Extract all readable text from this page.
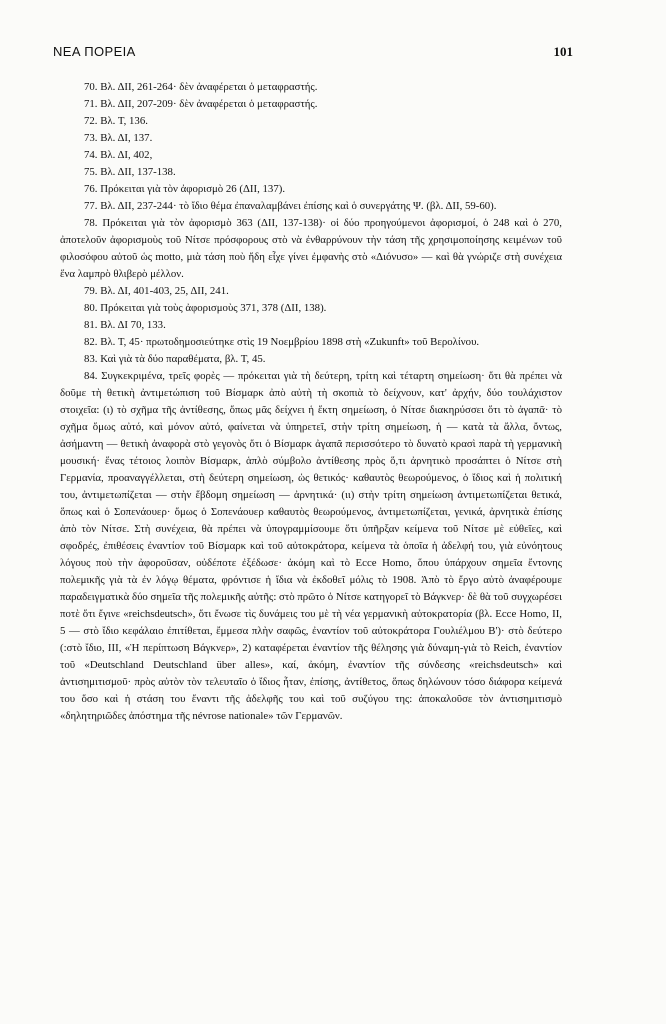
ΝΕΑ ΠΟΡΕΙΑ	101

70. Βλ. ΔΙΙ, 261-264· δὲν ἀναφέρεται ὁ μεταφραστής.

71. Βλ. ΔΙΙ, 207-209· δὲν ἀναφέρεται ὁ μεταφραστής.

72. Βλ. Τ, 136.

73. Βλ. ΔΙ, 137.

74. Βλ. ΔΙ, 402,

75. Βλ. ΔΙΙ, 137-138.

76. Πρόκειται γιὰ τὸν ἀφορισμὸ 26 (ΔΙΙ, 137).

77. Βλ. ΔΙΙ, 237-244· τὸ ἴδιο θέμα ἐπαναλαμβάνει ἐπίσης καὶ ὁ συνεργάτης Ψ. (βλ. ΔΙΙ, 59-60).

78. Πρόκειται γιὰ τὸν ἀφορισμὸ 363 (ΔΙΙ, 137-138)· οἱ δύο προηγούμενοι ἀφορισμοί, ὁ 248 καὶ ὁ 270, ἀποτελοῦν ἀφορισμοὺς τοῦ Νίτσε πρόσφορους στὸ νὰ ἐνθαρρύνουν τὴν τάση τῆς χρησιμοποίησης κειμένων τοῦ φιλοσόφου αὐτοῦ ὡς motto, μιὰ τάση ποὺ ἤδη εἶχε γίνει ἐμφανὴς στὸ «Διόνυσο» — καὶ θὰ γνώριζε στὴ συνέχεια ἕνα λαμπρὸ θλιβερὸ μέλλον.

79. Βλ. ΔΙ, 401-403, 25, ΔΙΙ, 241.

80. Πρόκειται γιὰ τοὺς ἀφορισμοὺς 371, 378 (ΔΙΙ, 138).

81. Βλ. ΔΙ 70, 133.

82. Βλ. Τ, 45· πρωτοδημοσιεύτηκε στὶς 19 Νοεμβρίου 1898 στὴ «Zukunft» τοῦ Βερολίνου.

83. Καὶ γιὰ τὰ δύο παραθέματα, βλ. Τ, 45.

84. Συγκεκριμένα, τρεῖς φορὲς — πρόκειται γιὰ τὴ δεύτερη, τρίτη καὶ τέταρτη σημείωση· ὅτι θὰ πρέπει νὰ δοῦμε τὴ θετικὴ ἀντιμετώπιση τοῦ Βίσμαρκ ἀπὸ αὐτὴ τὴ σκοπιὰ τὸ δείχνουν, κατ' ἀρχήν, δύο τουλάχιστον στοιχεῖα: (ι) τὸ σχῆμα τῆς ἀντίθεσης, ὅπως μᾶς δείχνει ἡ ἕκτη σημείωση, ὁ Νίτσε διακηρύσσει ὅτι τὸ ἀγαπᾶ· τὸ σχῆμα ὅμως αὐτό, καὶ μόνον αὐτό, φαίνεται νὰ ὑπηρετεῖ, στὴν τρίτη σημείωση, ἡ — κατὰ τὰ ἄλλα, ὄντως, ἀσήμαντη — θετικὴ ἀναφορὰ στὸ γεγονὸς ὅτι ὁ Βίσμαρκ ἀγαπᾶ περισσότερο τὸ δυνατὸ κρασὶ παρὰ τὴ γερμανικὴ μουσική· ἕνας τέτοιος λοιπὸν Βίσμαρκ, ἁπλὸ σύμβολο ἀντίθεσης πρὸς ὅ,τι ἀρνητικὸ προσάπτει ὁ Νίτσε στὴ Γερμανία, προαναγγέλλεται, στὴ δεύτερη σημείωση, ὡς θετικός· καθαυτὸς θεωρούμενος, ὁ ἴδιος καὶ ἡ πολιτική του, ἀντιμετωπίζεται — στὴν ἕβδομη σημείωση — ἀρνητικά· (ιι) στὴν τρίτη σημείωση ἀντιμετωπίζεται θετικά, ὅπως καὶ ὁ Σοπενάουερ· ὅμως ὁ Σοπενάουερ καθαυτὸς θεωρούμενος, ἀντιμετωπίζεται, γενικά, ἀρνητικὰ ἐπίσης ἀπὸ τὸν Νίτσε. Στὴ συνέχεια, θὰ πρέπει νὰ ὑπογραμμίσουμε ὅτι ὑπῆρξαν κείμενα τοῦ Νίτσε μὲ εὐθεῖες, καὶ σφοδρές, ἐπιθέσεις ἐναντίον τοῦ Βίσμαρκ καὶ τοῦ αὐτοκράτορα, κείμενα τὰ ὁποῖα ἡ ἀδελφή του, γιὰ εὐνόητους λόγους ποὺ τὴν ἀφοροῦσαν, οὐδέποτε ἐξέδωσε· ἀκόμη καὶ τὸ Ecce Homo, ὅπου ὑπάρχουν σημεῖα ἔντονης πολεμικῆς γιὰ τὰ ἐν λόγῳ θέματα, φρόντισε ἡ ἴδια νὰ ἐκδοθεῖ μόλις τὸ 1908. Ἀπὸ τὸ ἔργο αὐτὸ ἀναφέρουμε παραδειγματικὰ δύο σημεῖα τῆς πολεμικῆς αὐτῆς: στὸ πρῶτο ὁ Νίτσε κατηγορεῖ τὸ Βάγκνερ· δὲ θὰ τοῦ συγχωρέσει ποτὲ ὅτι ἔγινε «reichsdeutsch», ὅτι ἔνωσε τὶς δυνάμεις του μὲ τὴ νέα γερμανικὴ αὐτοκρατορία (βλ. Ecce Homo, II, 5 — στὸ ἴδιο κεφάλαιο ἐπιτίθεται, ἔμμεσα πλὴν σαφῶς, ἐναντίον τοῦ αὐτοκράτορα Γουλιέλμου Β')· στὸ δεύτερο (:στὸ ἴδιο, III, «Ἡ περίπτωση Βάγκνερ», 2) καταφέρεται ἐναντίον τῆς θέλησης γιὰ δύναμη-γιὰ τὸ Reich, ἐναντίον τοῦ «Deutschland Deutschland über alles», καί, ἀκόμη, ἐναντίον τῆς σύνδεσης «reichsdeutsch» καὶ ἀντισημιτισμοῦ· πρὸς αὐτὸν τὸν τελευταῖο ὁ ἴδιος ἦταν, ἐπίσης, ἀντίθετος, ὅπως δηλώνουν τόσο διάφορα κείμενά του ὅσο καὶ ἡ στάση του ἔναντι τῆς ἀδελφῆς του καὶ τοῦ συζύγου της: ἀποκαλοῦσε τὸν ἀντισημιτισμὸ «δηλητηριῶδες ἀπόστημα τῆς névrose nationale» τῶν Γερμανῶν.
